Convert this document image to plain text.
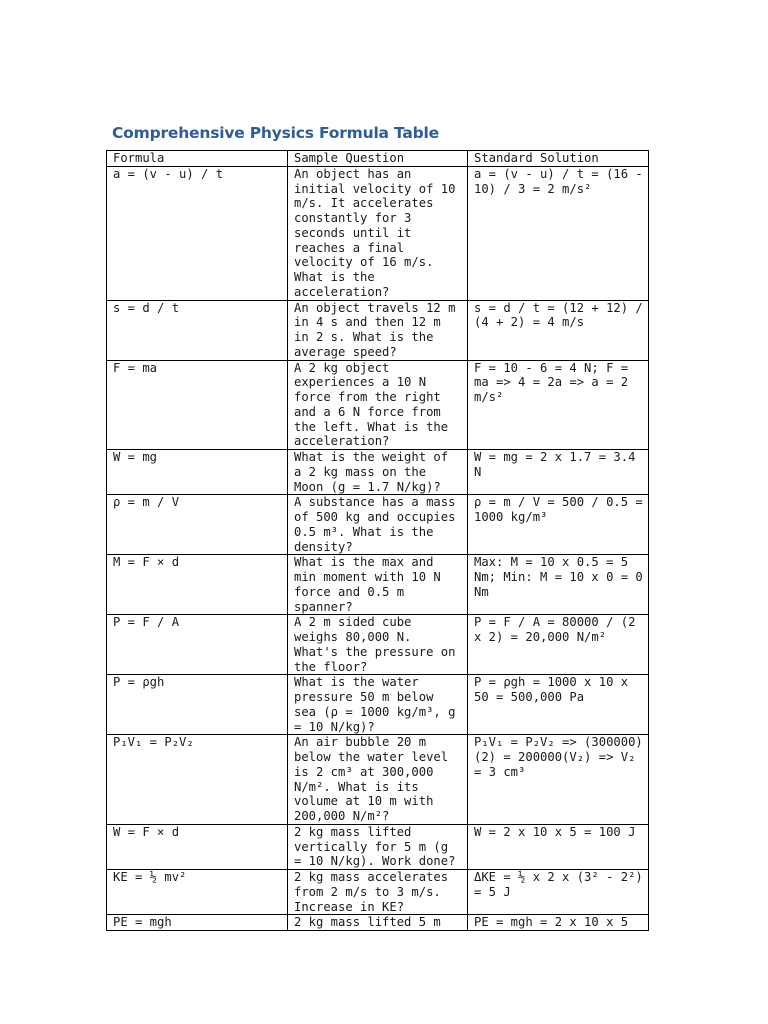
Comprehensive Physics Formula Table
Formula	Sample Question	Standard Solution
a = (v - u) / t	An object has an initial velocity of 10 m/s. It accelerates constantly for 3 seconds until it reaches a final velocity of 16 m/s. What is the acceleration?	a = (v - u) / t = (16 - 10) / 3 = 2 m/s²
s = d / t	An object travels 12 m in 4 s and then 12 m in 2 s. What is the average speed?	s = d / t = (12 + 12) / (4 + 2) = 4 m/s
F = ma	A 2 kg object experiences a 10 N force from the right and a 6 N force from the left. What is the acceleration?	F = 10 - 6 = 4 N; F = ma => 4 = 2a => a = 2 m/s²
W = mg	What is the weight of a 2 kg mass on the Moon (g = 1.7 N/kg)?	W = mg = 2 x 1.7 = 3.4 N
ρ = m / V	A substance has a mass of 500 kg and occupies 0.5 m³. What is the density?	ρ = m / V = 500 / 0.5 = 1000 kg/m³
M = F × d	What is the max and min moment with 10 N force and 0.5 m spanner?	Max: M = 10 x 0.5 = 5 Nm; Min: M = 10 x 0 = 0 Nm
P = F / A	A 2 m sided cube weighs 80,000 N. What's the pressure on the floor?	P = F / A = 80000 / (2 x 2) = 20,000 N/m²
P = ρgh	What is the water pressure 50 m below sea (ρ = 1000 kg/m³, g = 10 N/kg)?	P = ρgh = 1000 x 10 x 50 = 500,000 Pa
P₁V₁ = P₂V₂	An air bubble 20 m below the water level is 2 cm³ at 300,000 N/m². What is its volume at 10 m with 200,000 N/m²?	P₁V₁ = P₂V₂ => (300000)(2) = 200000(V₂) => V₂ = 3 cm³
W = F × d	2 kg mass lifted vertically for 5 m (g = 10 N/kg). Work done?	W = 2 x 10 x 5 = 100 J
KE = ½ mv²	2 kg mass accelerates from 2 m/s to 3 m/s. Increase in KE?	ΔKE = ½ x 2 x (3² - 2²) = 5 J
PE = mgh	2 kg mass lifted 5 m	PE = mgh = 2 x 10 x 5
